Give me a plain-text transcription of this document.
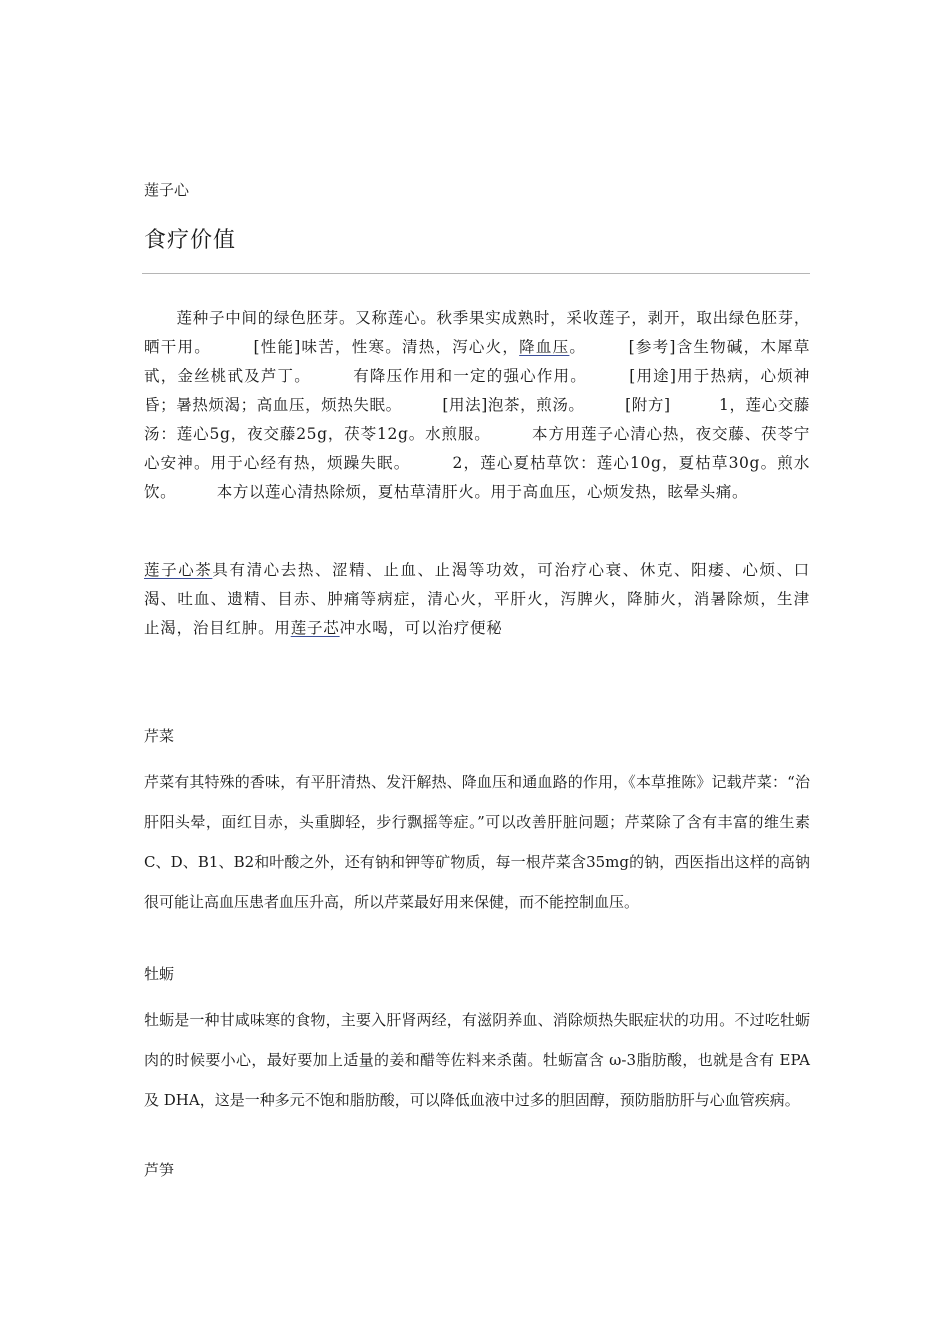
莲子心
食疗价值
　　莲种子中间的绿色胚芽。又称莲心。秋季果实成熟时，采收莲子，剥开，取出绿色胚芽，晒干用。　　　[性能]味苦，性寒。清热，泻心火，降血压。　　　[参考]含生物碱，木犀草甙，金丝桃甙及芦丁。　　　有降压作用和一定的强心作用。　　　[用途]用于热病，心烦神昏；暑热烦渴；高血压，烦热失眠。　　　[用法]泡茶，煎汤。　　　[附方]　　　1，莲心交藤汤：莲心5g，夜交藤25g，茯苓12g。水煎服。　　　本方用莲子心清心热，夜交藤、茯苓宁心安神。用于心经有热，烦躁失眠。　　　2，莲心夏枯草饮：莲心10g，夏枯草30g。煎水饮。　　　本方以莲心清热除烦，夏枯草清肝火。用于高血压，心烦发热，眩晕头痛。
莲子心茶具有清心去热、涩精、止血、止渴等功效，可治疗心衰、休克、阳痿、心烦、口渴、吐血、遗精、目赤、肿痛等病症，清心火，平肝火，泻脾火，降肺火，消暑除烦，生津止渴，治目红肿。用莲子芯冲水喝，可以治疗便秘
芹菜
芹菜有其特殊的香味，有平肝清热、发汗解热、降血压和通血路的作用，《本草推陈》记载芹菜：“治肝阳头晕，面红目赤，头重脚轻，步行飘摇等症。”可以改善肝脏问题；芹菜除了含有丰富的维生素 C、D、B1、B2和叶酸之外，还有钠和钾等矿物质，每一根芹菜含35mg的钠，西医指出这样的高钠很可能让高血压患者血压升高，所以芹菜最好用来保健，而不能控制血压。
牡蛎
牡蛎是一种甘咸味寒的食物，主要入肝肾两经，有滋阴养血、消除烦热失眠症状的功用。不过吃牡蛎肉的时候要小心，最好要加上适量的姜和醋等佐料来杀菌。牡蛎富含 ω-3脂肪酸，也就是含有 EPA 及 DHA，这是一种多元不饱和脂肪酸，可以降低血液中过多的胆固醇，预防脂肪肝与心血管疾病。
芦笋
